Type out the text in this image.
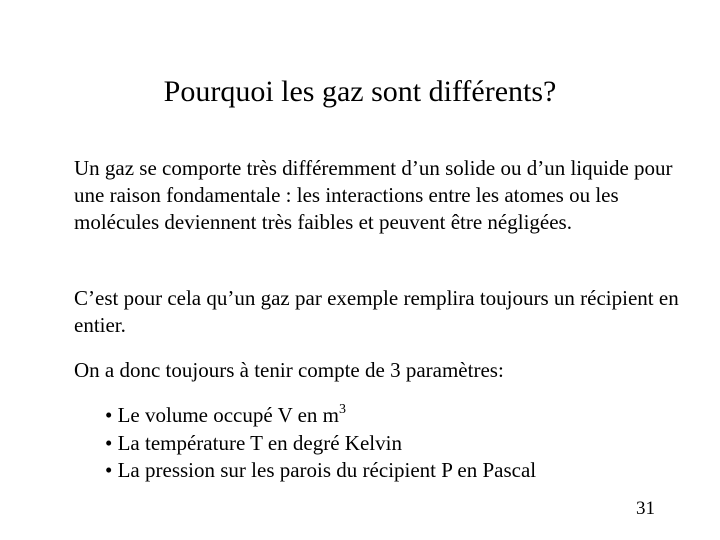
Pourquoi les gaz sont différents?
Un gaz se comporte très différemment d’un solide ou d’un liquide pour une raison fondamentale : les interactions entre les atomes ou les molécules deviennent très faibles et peuvent être négligées.
C’est pour cela qu’un gaz par exemple remplira toujours un récipient en entier.
On a donc toujours à tenir compte de 3 paramètres:
• Le volume occupé V en $m^3$
• La température T en degré Kelvin
• La pression sur les parois du récipient P en Pascal
31
